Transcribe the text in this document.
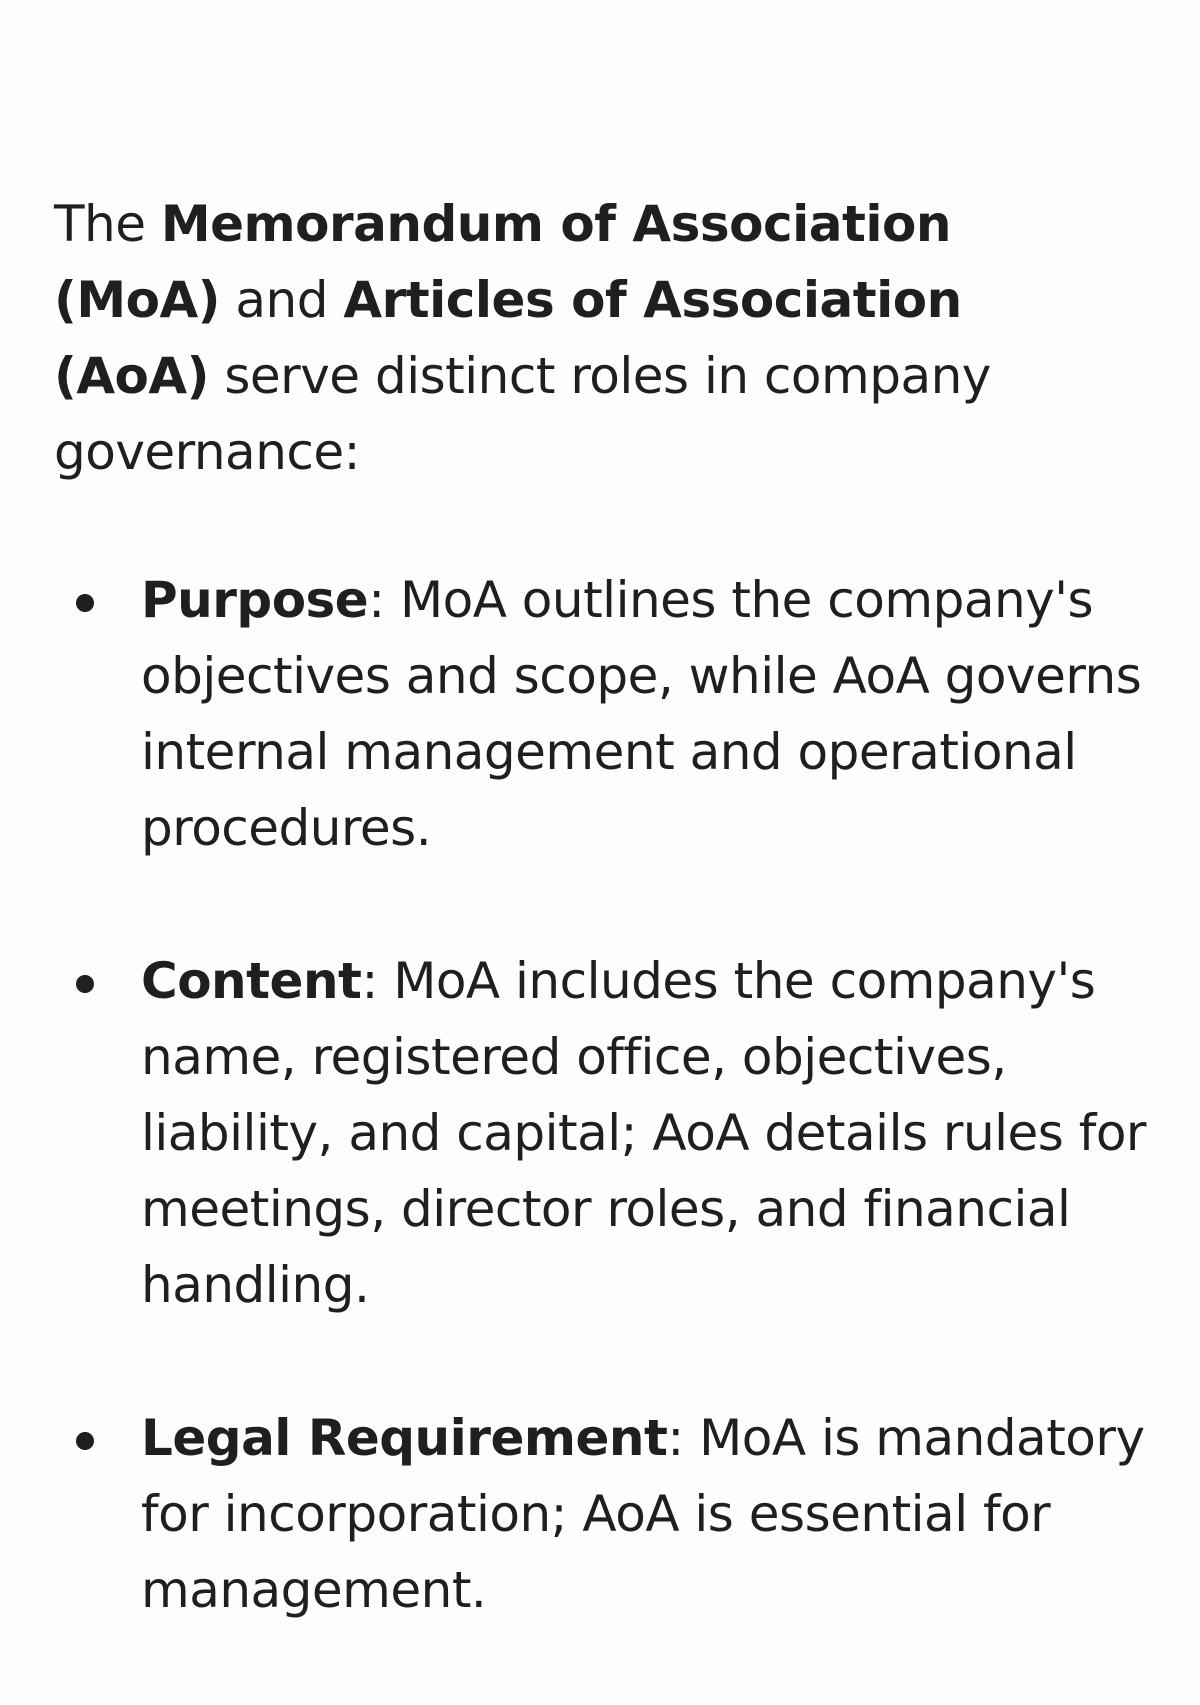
The Memorandum of Association (MoA) and Articles of Association (AoA) serve distinct roles in company governance:

Purpose: MoA outlines the company's objectives and scope, while AoA governs internal management and operational procedures.
Content: MoA includes the company's name, registered office, objectives, liability, and capital; AoA details rules for meetings, director roles, and financial handling.
Legal Requirement: MoA is mandatory for incorporation; AoA is essential for management.
